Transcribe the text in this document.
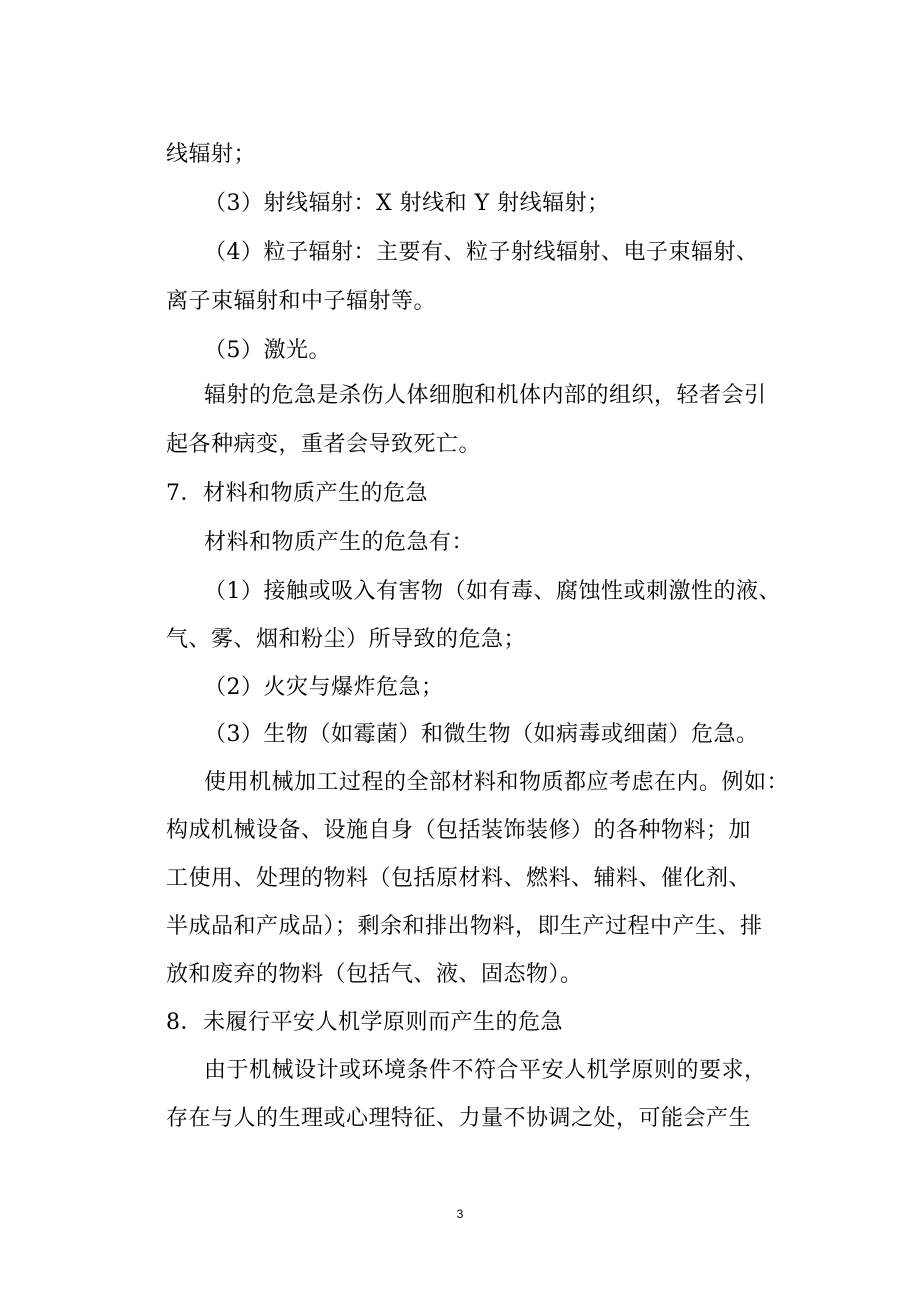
线辐射；
（3）射线辐射：X 射线和 Y 射线辐射；
（4）粒子辐射：主要有、粒子射线辐射、电子束辐射、
离子束辐射和中子辐射等。
（5）激光。
辐射的危急是杀伤人体细胞和机体内部的组织，轻者会引
起各种病变，重者会导致死亡。
7．材料和物质产生的危急
材料和物质产生的危急有：
（1）接触或吸入有害物（如有毒、腐蚀性或刺激性的液、
气、雾、烟和粉尘）所导致的危急；
（2）火灾与爆炸危急；
（3）生物（如霉菌）和微生物（如病毒或细菌）危急。
使用机械加工过程的全部材料和物质都应考虑在内。例如：
构成机械设备、设施自身（包括装饰装修）的各种物料；加
工使用、处理的物料（包括原材料、燃料、辅料、催化剂、
半成品和产成品）；剩余和排出物料，即生产过程中产生、排
放和废弃的物料（包括气、液、固态物）。
8．未履行平安人机学原则而产生的危急
由于机械设计或环境条件不符合平安人机学原则的要求，
存在与人的生理或心理特征、力量不协调之处，可能会产生
3
